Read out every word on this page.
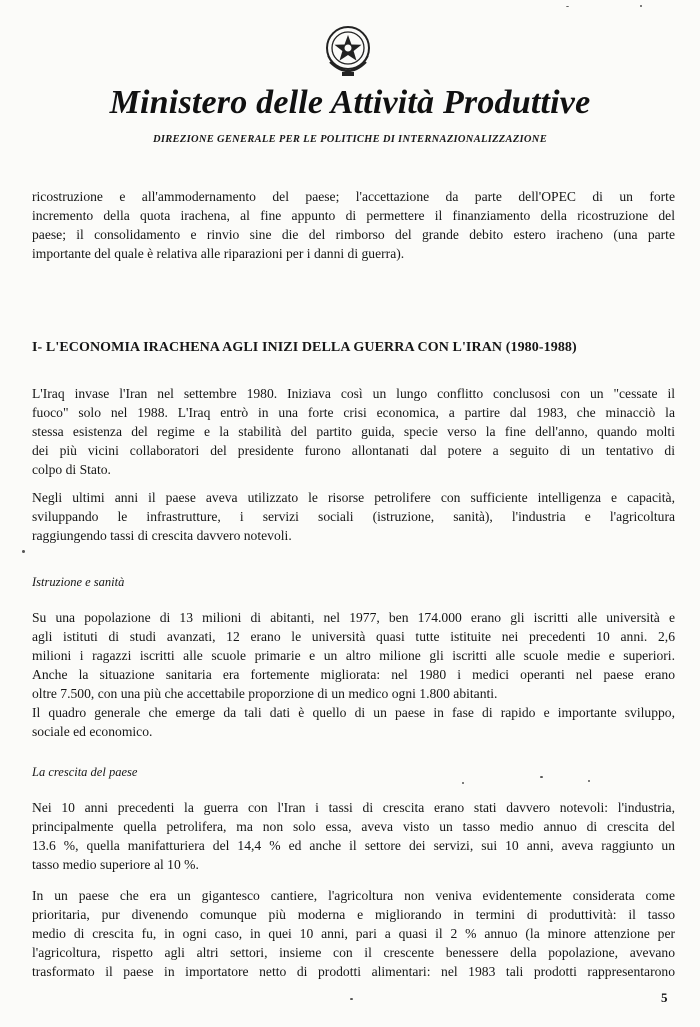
Ministero delle Attività Produttive
DIREZIONE GENERALE PER LE POLITICHE DI INTERNAZIONALIZZAZIONE
ricostruzione e all'ammodernamento del paese; l'accettazione da parte dell'OPEC di un forte
incremento della quota irachena, al fine appunto di permettere il finanziamento della ricostruzione del
paese; il consolidamento e rinvio sine die del rimborso del grande debito estero iracheno (una parte
importante del quale è relativa alle riparazioni per i danni di guerra).
I- L'ECONOMIA IRACHENA AGLI INIZI DELLA GUERRA CON L'IRAN (1980-1988)
L'Iraq invase l'Iran nel settembre 1980. Iniziava così un lungo conflitto conclusosi con un "cessate il
fuoco" solo nel 1988. L'Iraq entrò in una forte crisi economica, a partire dal 1983, che minacciò la
stessa esistenza del regime e la stabilità del partito guida, specie verso la fine dell'anno, quando molti
dei più vicini collaboratori del presidente furono allontanati dal potere a seguito di un tentativo di
colpo di Stato.
Negli ultimi anni il paese aveva utilizzato le risorse petrolifere con sufficiente intelligenza e capacità,
sviluppando le infrastrutture, i servizi sociali (istruzione, sanità), l'industria e l'agricoltura
raggiungendo tassi di crescita davvero notevoli.
Istruzione e sanità
Su una popolazione di 13 milioni di abitanti, nel 1977, ben 174.000 erano gli iscritti alle università e
agli istituti di studi avanzati, 12 erano le università quasi tutte istituite nei precedenti 10 anni. 2,6
milioni i ragazzi iscritti alle scuole primarie e un altro milione gli iscritti alle scuole medie e superiori.
Anche la situazione sanitaria era fortemente migliorata: nel 1980 i medici operanti nel paese erano
oltre 7.500, con una più che accettabile proporzione di un medico ogni 1.800 abitanti.
Il quadro generale che emerge da tali dati è quello di un paese in fase di rapido e importante sviluppo,
sociale ed economico.
La crescita del paese
Nei 10 anni precedenti la guerra con l'Iran i tassi di crescita erano stati davvero notevoli: l'industria,
principalmente quella petrolifera, ma non solo essa, aveva visto un tasso medio annuo di crescita del
13.6 %, quella manifatturiera del 14,4 % ed anche il settore dei servizi, sui 10 anni, aveva raggiunto un
tasso medio superiore al 10 %.
In un paese che era un gigantesco cantiere, l'agricoltura non veniva evidentemente considerata come
prioritaria, pur divenendo comunque più moderna e migliorando in termini di produttività: il tasso
medio di crescita fu, in ogni caso, in quei 10 anni, pari a quasi il 2 % annuo (la minore attenzione per
l'agricoltura, rispetto agli altri settori, insieme con il crescente benessere della popolazione, avevano
trasformato il paese in importatore netto di prodotti alimentari: nel 1983 tali prodotti rappresentarono
5
